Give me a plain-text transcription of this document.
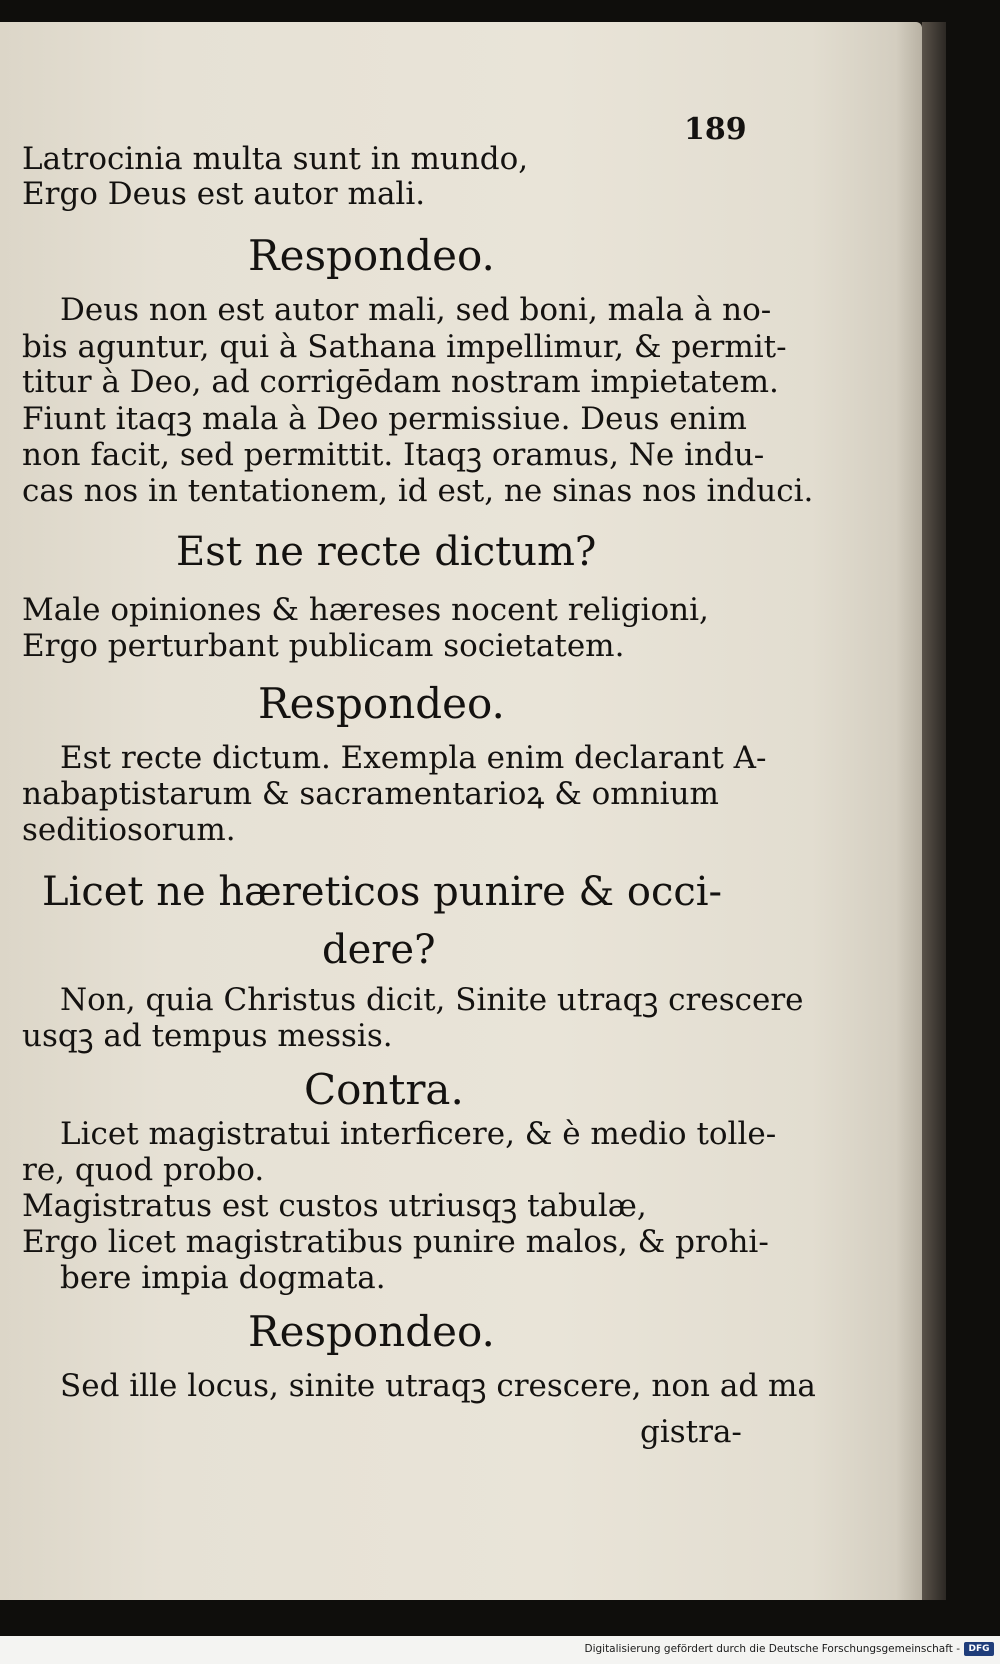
189
Latrocinia multa sunt in mundo,
Ergo Deus est autor mali.
Respondeo.
Deus non est autor mali, sed boni, mala à no-
bis aguntur, qui à Sathana impellimur, & permit-
titur à Deo, ad corrigēdam nostram impietatem.
Fiunt itaqꝫ mala à Deo permissiue. Deus enim
non facit, sed permittit. Itaqꝫ oramus, Ne indu-
cas nos in tentationem, id est, ne sinas nos induci.
Est ne recte dictum?
Male opiniones & hæreses nocent religioni,
Ergo perturbant publicam societatem.
Respondeo.
Est recte dictum. Exempla enim declarant A-
nabaptistarum & sacramentarioꝝ & omnium
seditiosorum.
Licet ne hæreticos punire & occi-
dere?
Non, quia Christus dicit, Sinite utraqꝫ crescere
usqꝫ ad tempus messis.
Contra.
Licet magistratui interficere, & è medio tolle-
re, quod probo.
Magistratus est custos utriusqꝫ tabulæ,
Ergo licet magistratibus punire malos, & prohi-
bere impia dogmata.
Respondeo.
Sed ille locus, sinite utraqꝫ crescere, non ad ma
gistra-
Digitalisierung gefördert durch die Deutsche Forschungsgemeinschaft - DFG
